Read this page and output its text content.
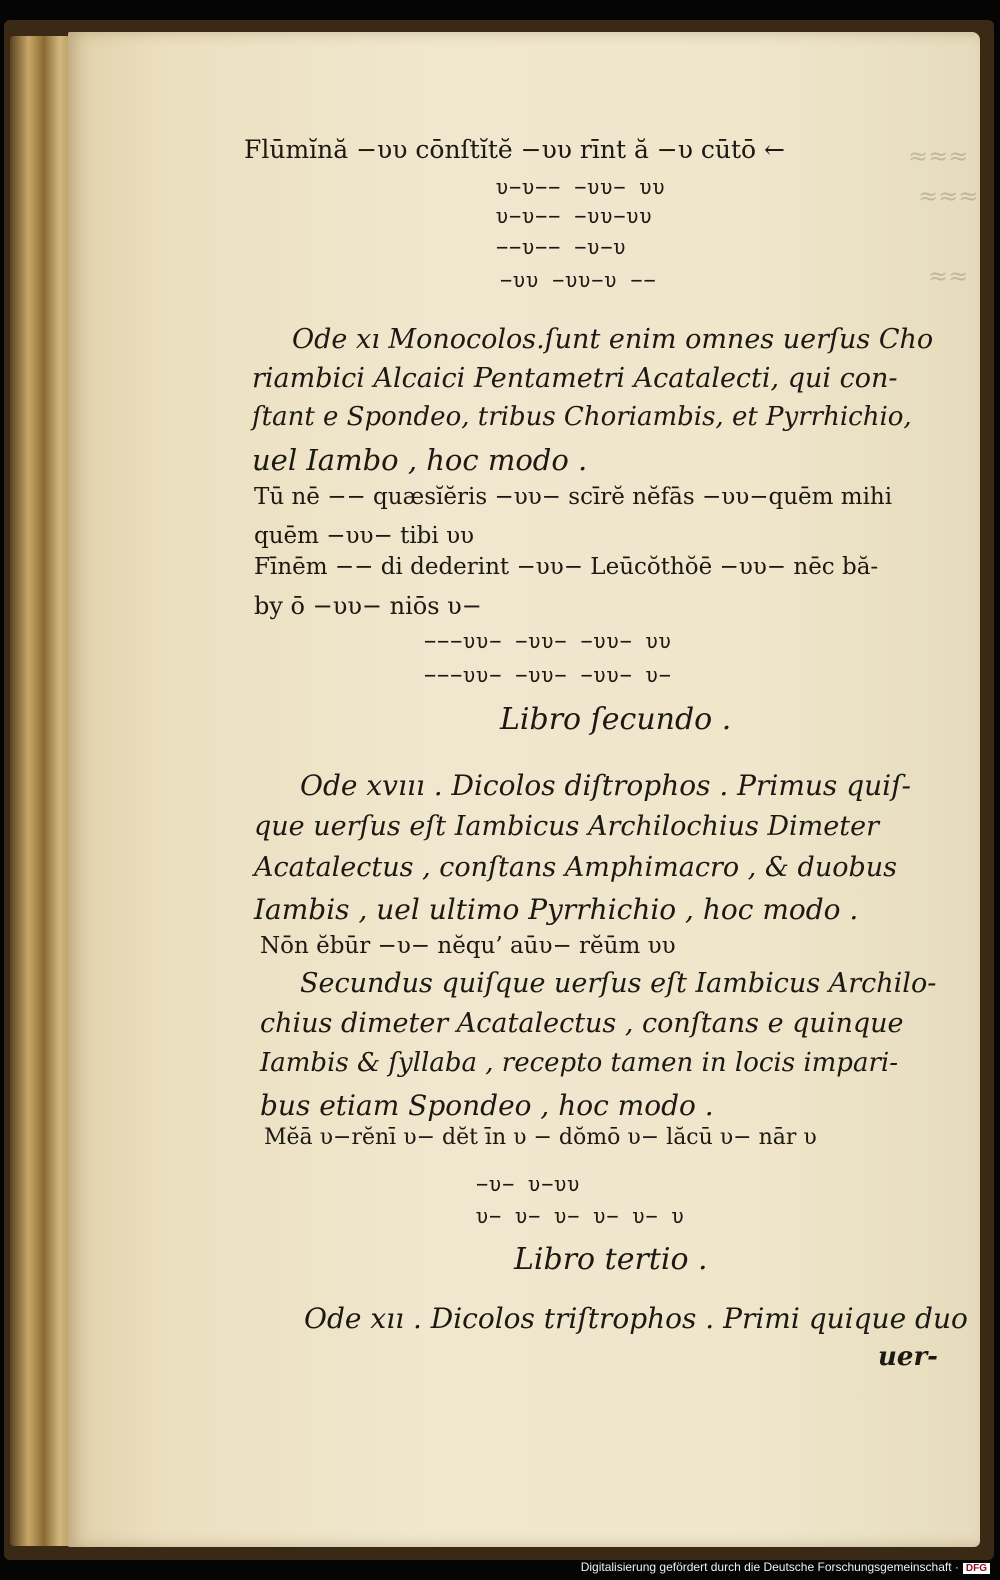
≈≈≈
≈≈≈
≈≈
Flūmĭnă −υυ cōnſtĭtĕ −υυ rīnt ă −υ cūtō ←
υ−υ−− −υυ− υυ
υ−υ−− −υυ−υυ
−−υ−− −υ−υ
−υυ −υυ−υ −−
Ode xı Monocolos.ſunt enim omnes uerſus Cho
riambici Alcaici Pentametri Acatalecti, qui con-
ſtant e Spondeo, tribus Choriambis, et Pyrrhichio,
uel Iambo , hoc modo .
Tū nē −− quæsĭĕris −υυ− scīrĕ nĕfās −υυ−quēm mihi
quēm −υυ− tibi υυ
Fīnēm −− di dederint −υυ− Leūcŏthŏē −υυ− nēc bă-
by ō −υυ− niōs υ−
−−−υυ− −υυ− −υυ− υυ
−−−υυ− −υυ− −υυ− υ−
Libro ſecundo .
Ode xvııı . Dicolos diſtrophos . Primus quiſ-
que uerſus eſt Iambicus Archilochius Dimeter
Acatalectus , conſtans Amphimacro , & duobus
Iambis , uel ultimo Pyrrhichio , hoc modo .
Nōn ĕbūr −υ− nĕqu’ aūυ− rĕūm υυ
Secundus quiſque uerſus eſt Iambicus Archilo-
chius dimeter Acatalectus , conſtans e quinque
Iambis & ſyllaba , recepto tamen in locis impari-
bus etiam Spondeo , hoc modo .
Mĕā υ−rĕnī υ− dĕt īn υ − dŏmō υ− lăcū υ− nār υ
−υ− υ−υυ
υ− υ− υ− υ− υ− υ
Libro tertio .
Ode xıı . Dicolos triſtrophos . Primi quique duo
uer-
Digitalisierung gefördert durch die Deutsche Forschungsgemeinschaft · DFG
